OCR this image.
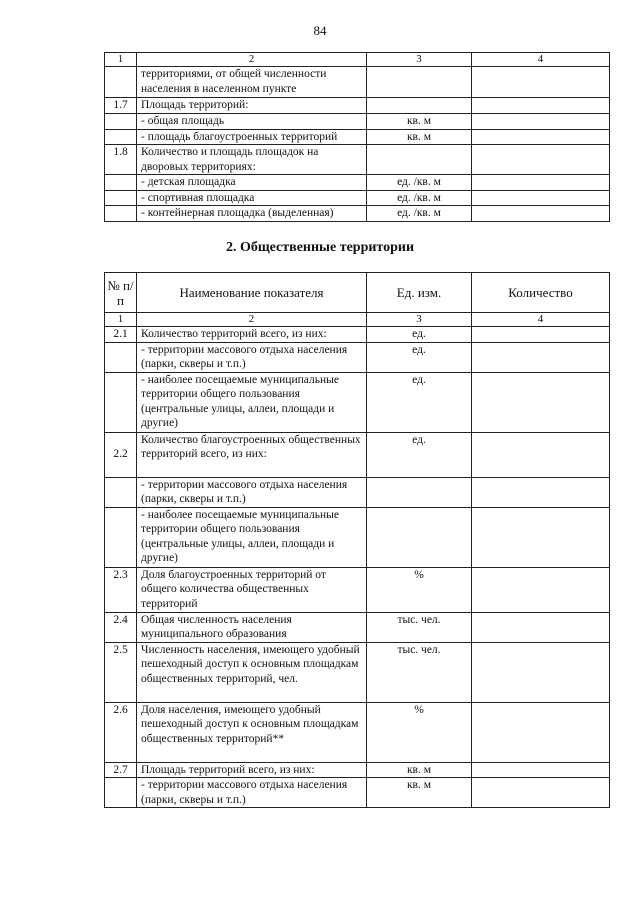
84
1	2	3	4
	территориями, от общей численности населения в населенном пункте		
1.7	Площадь территорий:		
	- общая площадь	кв. м	
	- площадь благоустроенных территорий	кв. м	
1.8	Количество и площадь площадок на дворовых территориях:		
	- детская площадка	ед. /кв. м	
	- спортивная площадка	ед. /кв. м	
	- контейнерная площадка (выделенная)	ед. /кв. м	
2. Общественные территории
№ п/п	Наименование показателя	Ед. изм.	Количество
1	2	3	4
2.1	Количество территорий всего, из них:	ед.	
	- территории массового отдыха населения (парки, скверы и т.п.)	ед.	
	- наиболее посещаемые муниципальные территории общего пользования (центральные улицы, аллеи, площади и другие)	ед.	
2.2	Количество благоустроенных общественных территорий всего, из них:	ед.	
	- территории массового отдыха населения (парки, скверы и т.п.)		
	- наиболее посещаемые муниципальные территории общего пользования (центральные улицы, аллеи, площади и другие)		
2.3	Доля благоустроенных территорий от общего количества общественных территорий	%	
2.4	Общая численность населения муниципального образования	тыс. чел.	
2.5	Численность населения, имеющего удобный пешеходный доступ к основным площадкам общественных территорий, чел.	тыс. чел.	
2.6	Доля населения, имеющего удобный пешеходный доступ к основным площадкам общественных территорий**	%	
2.7	Площадь территорий всего, из них:	кв. м	
	- территории массового отдыха населения (парки, скверы и т.п.)	кв. м	
